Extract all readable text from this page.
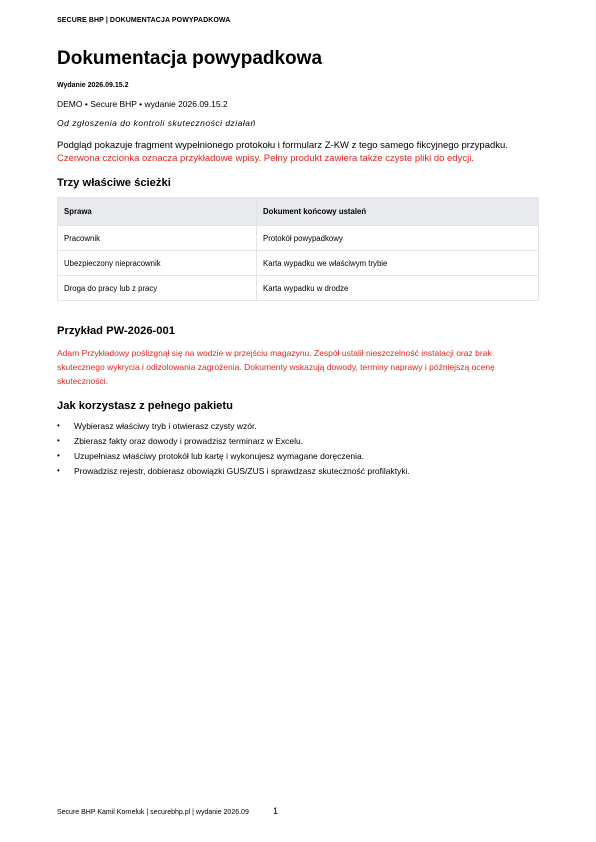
SECURE BHP | DOKUMENTACJA POWYPADKOWA
Dokumentacja powypadkowa
Wydanie 2026.09.15.2
DEMO • Secure BHP • wydanie 2026.09.15.2
Od zgłoszenia do kontroli skuteczności działań
Podgląd pokazuje fragment wypełnionego protokołu i formularz Z-KW z tego samego fikcyjnego przypadku.
Czerwona czcionka oznacza przykładowe wpisy. Pełny produkt zawiera także czyste pliki do edycji.
Trzy właściwe ścieżki
Sprawa	Dokument końcowy ustaleń
Pracownik	Protokół powypadkowy
Ubezpieczony niepracownik	Karta wypadku we właściwym trybie
Droga do pracy lub z pracy	Karta wypadku w drodze
Przykład PW-2026-001

Adam Przykładowy poślizgnął się na wodzie w przejściu magazynu. Zespół ustalił nieszczelność instalacji oraz brak skutecznego wykrycia i odizolowania zagrożenia. Dokumenty wskazują dowody, terminy naprawy i późniejszą ocenę skuteczności.

Jak korzystasz z pełnego pakietu
• Wybierasz właściwy tryb i otwierasz czysty wzór.
• Zbierasz fakty oraz dowody i prowadzisz terminarz w Excelu.
• Uzupełniasz właściwy protokół lub kartę i wykonujesz wymagane doręczenia.
• Prowadzisz rejestr, dobierasz obowiązki GUS/ZUS i sprawdzasz skuteczność profilaktyki.
Secure BHP Kamil Korneluk | securebhp.pl | wydanie 2026.09	1
